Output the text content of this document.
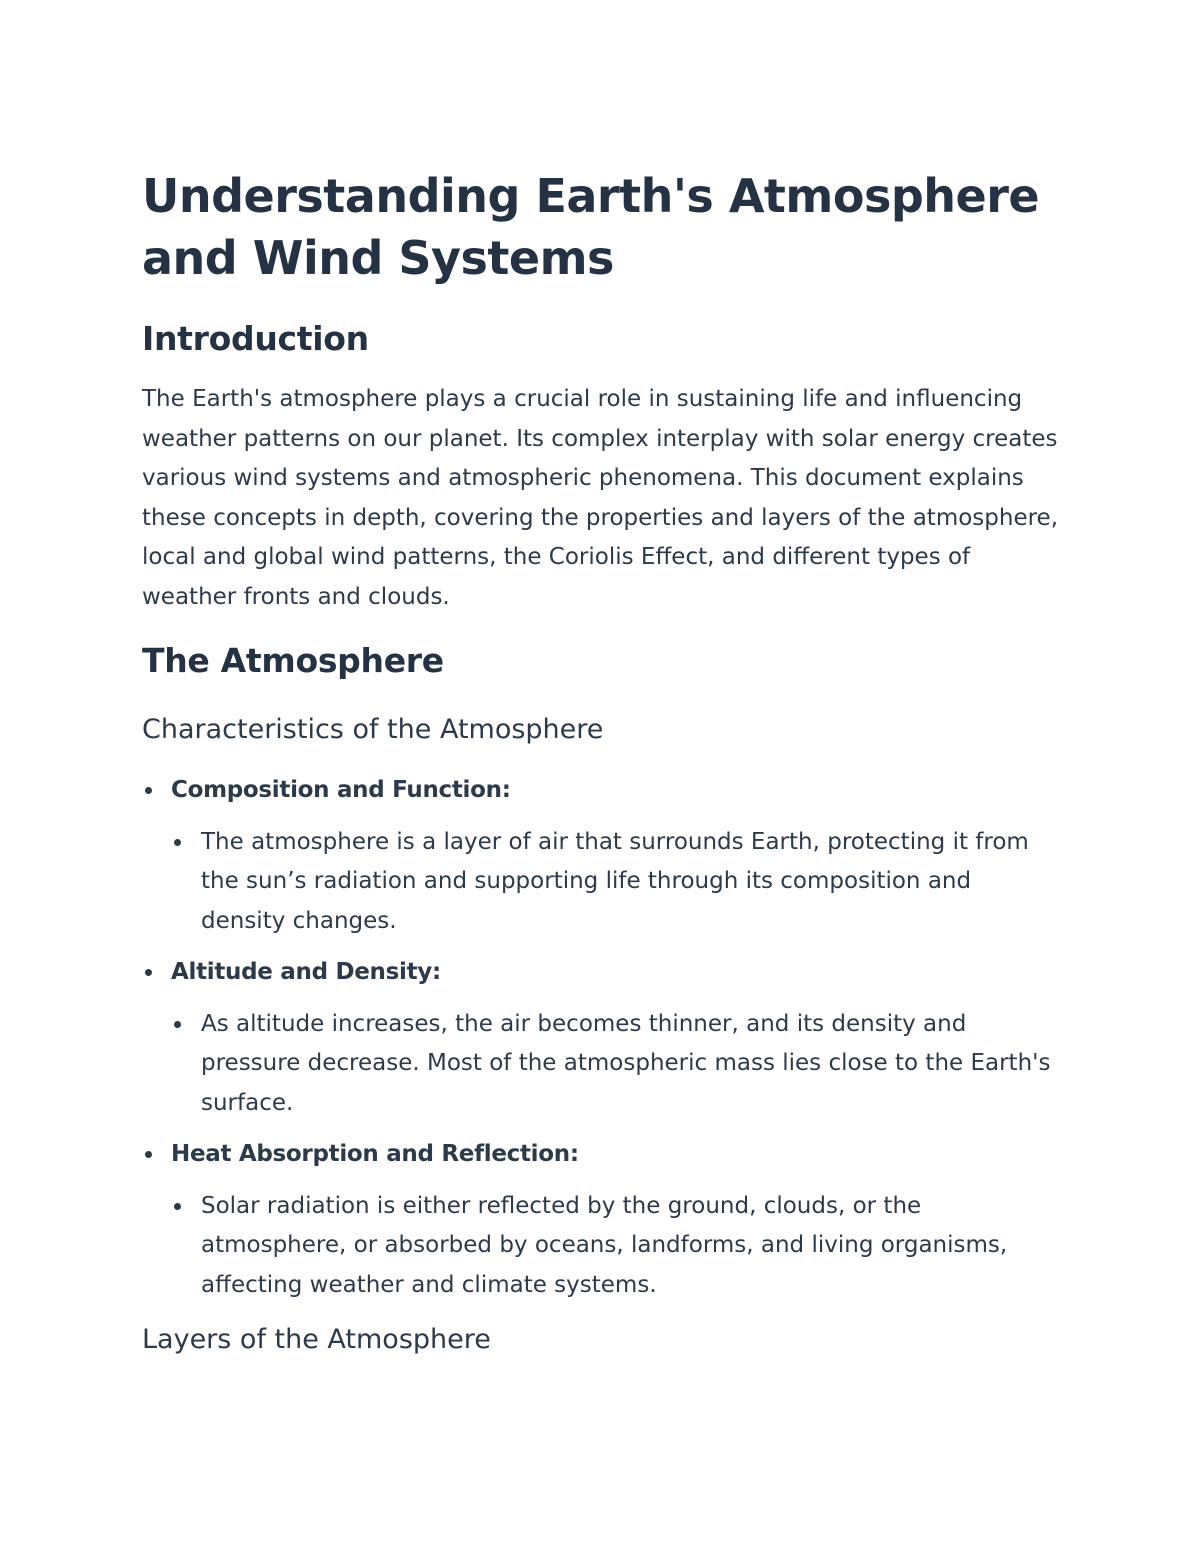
Understanding Earth's Atmosphere and Wind Systems
Introduction

The Earth's atmosphere plays a crucial role in sustaining life and influencing weather patterns on our planet. Its complex interplay with solar energy creates various wind systems and atmospheric phenomena. This document explains these concepts in depth, covering the properties and layers of the atmosphere, local and global wind patterns, the Coriolis Effect, and different types of weather fronts and clouds.

The Atmosphere
Characteristics of the Atmosphere
Composition and Function:
The atmosphere is a layer of air that surrounds Earth, protecting it from the sun’s radiation and supporting life through its composition and density changes.
Altitude and Density:
As altitude increases, the air becomes thinner, and its density and pressure decrease. Most of the atmospheric mass lies close to the Earth's surface.
Heat Absorption and Reflection:
Solar radiation is either reflected by the ground, clouds, or the atmosphere, or absorbed by oceans, landforms, and living organisms, affecting weather and climate systems.
Layers of the Atmosphere
